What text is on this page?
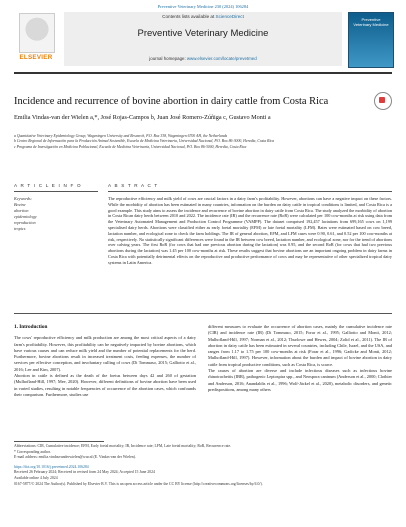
Preventive Veterinary Medicine 230 (2024) 106284
ELSEVIER
Contents lists available at ScienceDirect
Preventive Veterinary Medicine
journal homepage: www.elsevier.com/locate/prevetmed
Preventive Veterinary Medicine
Incidence and recurrence of bovine abortion in dairy cattle from Costa Rica
Emilia Vindas-van der Wielen a,*, José Rojas-Campos b, Juan José Romero-Zúñiga c, Gustavo Monti a
a Quantitative Veterinary Epidemiology Group, Wageningen University and Research, P.O. Box 338, Wageningen 6700 AH, the Netherlands
b Centro Regional de Información para la Producción Animal Sostenible, Escuela de Medicina Veterinaria, Universidad Nacional, P.O. Box 86-3000, Heredia, Costa Rica
c Programa de Investigación en Medicina Poblacional, Escuela de Medicina Veterinaria, Universidad Nacional, P.O. Box 86-3000, Heredia, Costa Rica
A R T I C L E I N F O	A B S T R A C T
Keywords:
Bovine
abortion
epidemiology
reproduction
tropics
The reproductive efficiency and milk yield of cows are crucial factors in a dairy farm's profitability. However, abortions can have a negative impact on these factors. While the morbidity of abortion has been estimated in many countries, information on the burden on dairy cattle in tropical conditions is limited, and Costa Rica is a good example. This study aims to assess the incidence and recurrence of bovine abortion in dairy cattle from Costa Rica. The study analyzed the morbidity of abortion in Costa Rican dairy herds between 2010 and 2022. The incidence rate (IR) and the recurrence rate (RoR) were calculated per 100 cow-months at risk using data from the Veterinary Automated Management and Production Control Programme (VAMPP). The dataset comprised 192,457 lactations from 699,165 cows on 1,199 specialised dairy herds. Abortions were classified either as early foetal mortality (EFM) or late foetal mortality (LFM). Rates were estimated based on cow breed, lactation number, and ecological zone to check the farm holdings. The IR of general abortion, EFM, and LFM cases were 0.90, 0.61, and 0.52 per 100 cow-months at risk, respectively. No statistically significant differences were found in the IR between cow breed, lactation number, and ecological zone, nor for the trend of abortions over calving years. The first RoR (for cows that had one previous abortion during the lactation) was 0.95, and the second RoR (for cows that had two previous abortions during the lactation) was 1.45 per 100 cow-months at risk. These results suggest that bovine abortions are an important ongoing problem in dairy farms in Costa Rica with potentially detrimental effects on the reproductive and productive performance of cows and may be representative of other specialized tropical dairy systems in Latin America.
1. Introduction
The cows' reproductive efficiency and milk production are among the most critical aspects of a dairy farm's profitability. However, this profitability can be negatively impacted by bovine abortions, which have various causes and can reduce milk yield and the number of potential replacements for the herd. Furthermore, bovine abortions result in increased treatment costs, feeding expenses, the number of services per effective conception, and involuntary culling of cows (Di Tommaso, 2015; Galliotto et al., 2016; Lee and Kim, 2007).
Abortion in cattle is defined as the death of the foetus between days 42 and 260 of gestation (Mulhofland-Hill, 1997; Mee, 2020). However, different definitions of bovine abortion have been used in varied studies, resulting in notable frequencies of occurrence of the abortion cases, which confounds their comparison. Furthermore, studies use
different measures to evaluate the occurrence of abortion cases, mainly the cumulative incidence rate (CIR) and incidence rate (IR) (Di Tommaso, 2015; Forar et al., 1995; Galliotto and Monti, 2012; Mulhofland-Hill, 1997; Norman et al., 2012; Thurlowe and Hewes, 2004; Zolid et al., 2011). The IR of abortion in dairy cattle has been estimated in several countries, including Chile, Israel, and the USA, and ranges from 1.17 to 1.75 per 100 cow-months at risk (Forar et al., 1996; Gadicke and Monti, 2012; Mulhofland-Hill, 1997). However, information about the burden and impact of bovine abortion in dairy cattle from tropical productive conditions, such as Costa Rica, is scarce.
The causes of abortion are diverse and include infectious diseases such as infectious bovine rhinotracheitis (IBR), pathogenic Leptospira spp., and Neospora caninum (Anderson et al., 2000; Clothier and Anderson, 2016; Anandaldis et al., 1996; Wolf-Jäckel et al., 2020), metabolic disorders, and genetic predispositions, among many others
Abbreviations: CIR, Cumulative incidence; EFM, Early foetal mortality; IR, Incidence rate; LFM, Late foetal mortality; RoR, Recurrence rate.
* Corresponding author.
E-mail address: emilia.vindasvanderwielen@wur.nl (E. Vindas-van der Wielen).
https://doi.org/10.1016/j.prevetmed.2024.106284
Received 26 February 2024; Received in revised form 24 May 2024; Accepted 15 June 2024
Available online 4 July 2024
0167-5877/© 2024 The Author(s). Published by Elsevier B.V. This is an open access article under the CC BY license (http://creativecommons.org/licenses/by/4.0/).
